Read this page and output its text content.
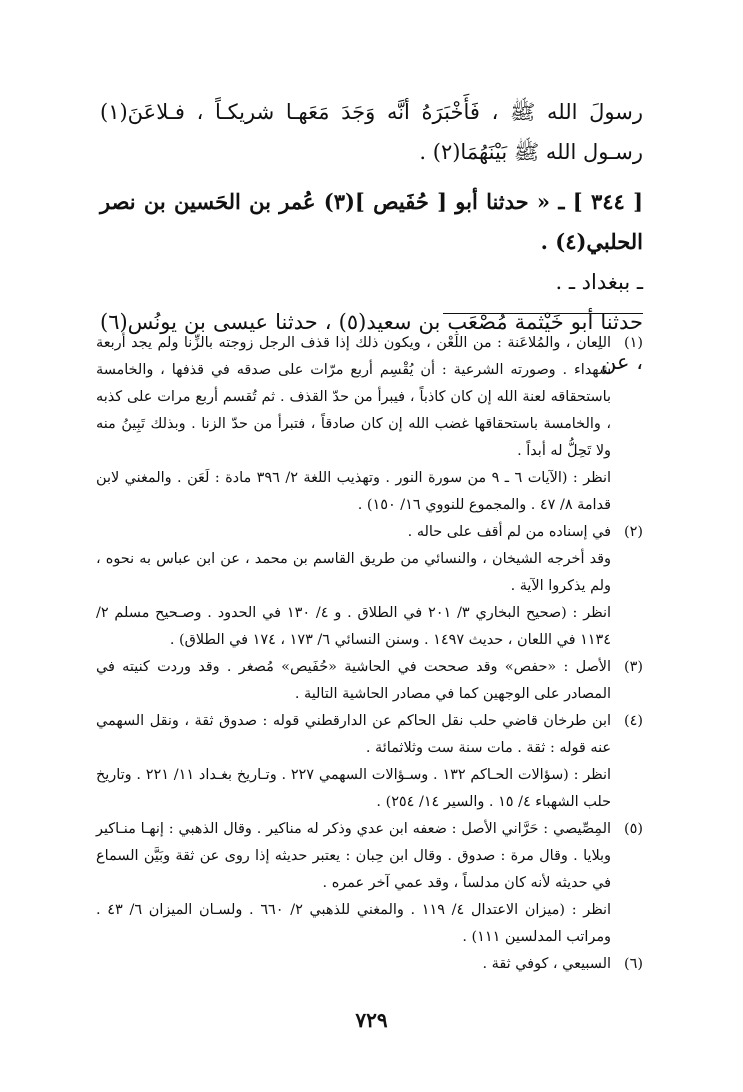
رسولَ الله ﷺ ، فَأَخْبَرَهُ أنَّه وَجَدَ مَعَهـا شريكـاً ، فـلاعَنَ(١) رسـول الله ﷺ بَيْنَهُمَا(٢) .

[ ٣٤٤ ] ـ « حدثنا أبو [ حُفَيص ](٣) عُمر بن الحَسين بن نصر الحلبي(٤) .

ـ ببغداد ـ .

حدثنا أبو خَيْثمة مُصْعَب بن سعيد(٥) ، حدثنا عيسى بن يونُس(٦) ، عن

(١)

اللِعان ، والمُلاعَنة : من اللَعْن ، ويكون ذلك إذا قذف الرجل زوجته بالزِّنا ولم يجد أربعة شهداء . وصورته الشرعية : أن يُقْسِم أربع مرّات على صدقه في قذفها ، والخامسة باستحقاقه لعنة الله إن كان كاذباً ، فيبرأ من حدّ القذف . ثم تُقسم أربع مرات على كذبه ، والخامسة باستحقاقها غضب الله إن كان صادقاً ، فتبرأ من حدّ الزنا . وبذلك تَبِينُ منه ولا تَحِلُّ له أبداً .

انظر : (الآيات ٦ ـ ٩ من سورة النور . وتهذيب اللغة ٢/ ٣٩٦ مادة : لَعَن . والمغني لابن قدامة ٨/ ٤٧ . والمجموع للنووي ١٦/ ١٥٠) .

(٢)

في إسناده من لم أقف على حاله .

وقد أخرجه الشيخان ، والنسائي من طريق القاسم بن محمد ، عن ابن عباس به نحوه ، ولم يذكروا الآية .

انظر : (صحيح البخاري ٣/ ٢٠١ في الطلاق . و ٤/ ١٣٠ في الحدود . وصـحيح مسلم ٢/ ١١٣٤ في اللعان ، حديث ١٤٩٧ . وسنن النسائي ٦/ ١٧٣ ، ١٧٤ في الطلاق) .

(٣)

الأصل : «حفص» وقد صححت في الحاشية «حُفَيص» مُصغر . وقد وردت كنيته في المصادر على الوجهين كما في مصادر الحاشية التالية .

(٤)

ابن طرخان قاضي حلب نقل الحاكم عن الدارقطني قوله : صدوق ثقة ، ونقل السهمي عنه قوله : ثقة . مات سنة ست وثلاثمائة .

انظر : (سؤالات الحـاكم ١٣٢ . وسـؤالات السهمي ٢٢٧ . وتـاريخ بغـداد ١١/ ٢٢١ . وتاريخ حلب الشهباء ٤/ ١٥ . والسير ١٤/ ٢٥٤) .

(٥)

المِصِّيصي : حَرَّاني الأصل : ضعفه ابن عدي وذكر له مناكير . وقال الذهبي : إنهـا منـاكير وبلايا . وقال مرة : صدوق . وقال ابن حِبان : يعتبر حديثه إذا روى عن ثقة وبَيَّن السماع في حديثه لأنه كان مدلساً ، وقد عمي آخر عمره .

انظر : (ميزان الاعتدال ٤/ ١١٩ . والمغني للذهبي ٢/ ٦٦٠ . ولسـان الميزان ٦/ ٤٣ . ومراتب المدلسين ١١١) .

(٦)

السبيعي ، كوفي ثقة .

٧٢٩
